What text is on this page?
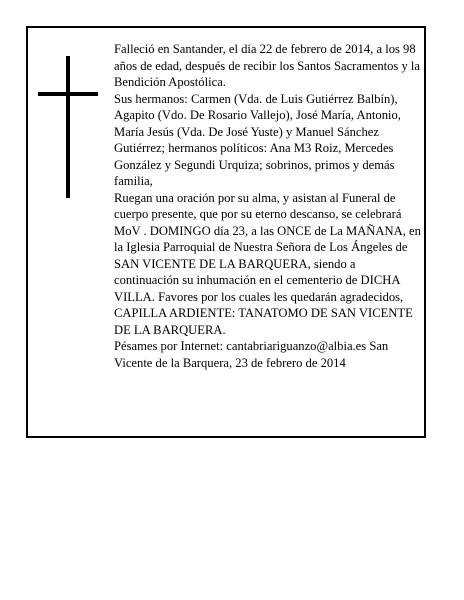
Falleció en Santander, el día 22 de febrero de 2014, a los 98 años de edad, después de recibir los Santos Sacramentos y la Bendición Apostólica.

Sus hermanos: Carmen (Vda. de Luis Gutiérrez Balbín), Agapito (Vdo. De Rosario Vallejo), José María, Antonio, María Jesús (Vda. De José Yuste) y Manuel Sánchez Gutiérrez; hermanos políticos: Ana M3 Roiz, Mercedes González y Segundi Urquiza; sobrinos, primos y demás familia,

Ruegan una oración por su alma, y asistan al Funeral de cuerpo presente, que por su eterno descanso, se celebrará MoV . DOMINGO día 23, a las ONCE de La MAÑANA, en la Iglesia Parroquial de Nuestra Señora de Los Ángeles de SAN VICENTE DE LA BARQUERA, siendo a continuación su inhumación en el cementerio de DICHA VILLA. Favores por los cuales les quedarán agradecidos, CAPILLA ARDIENTE: TANATOMO DE SAN VICENTE DE LA BARQUERA.

Pésames por Internet: cantabriariguanzo@albia.es San Vicente de la Barquera, 23 de febrero de 2014
